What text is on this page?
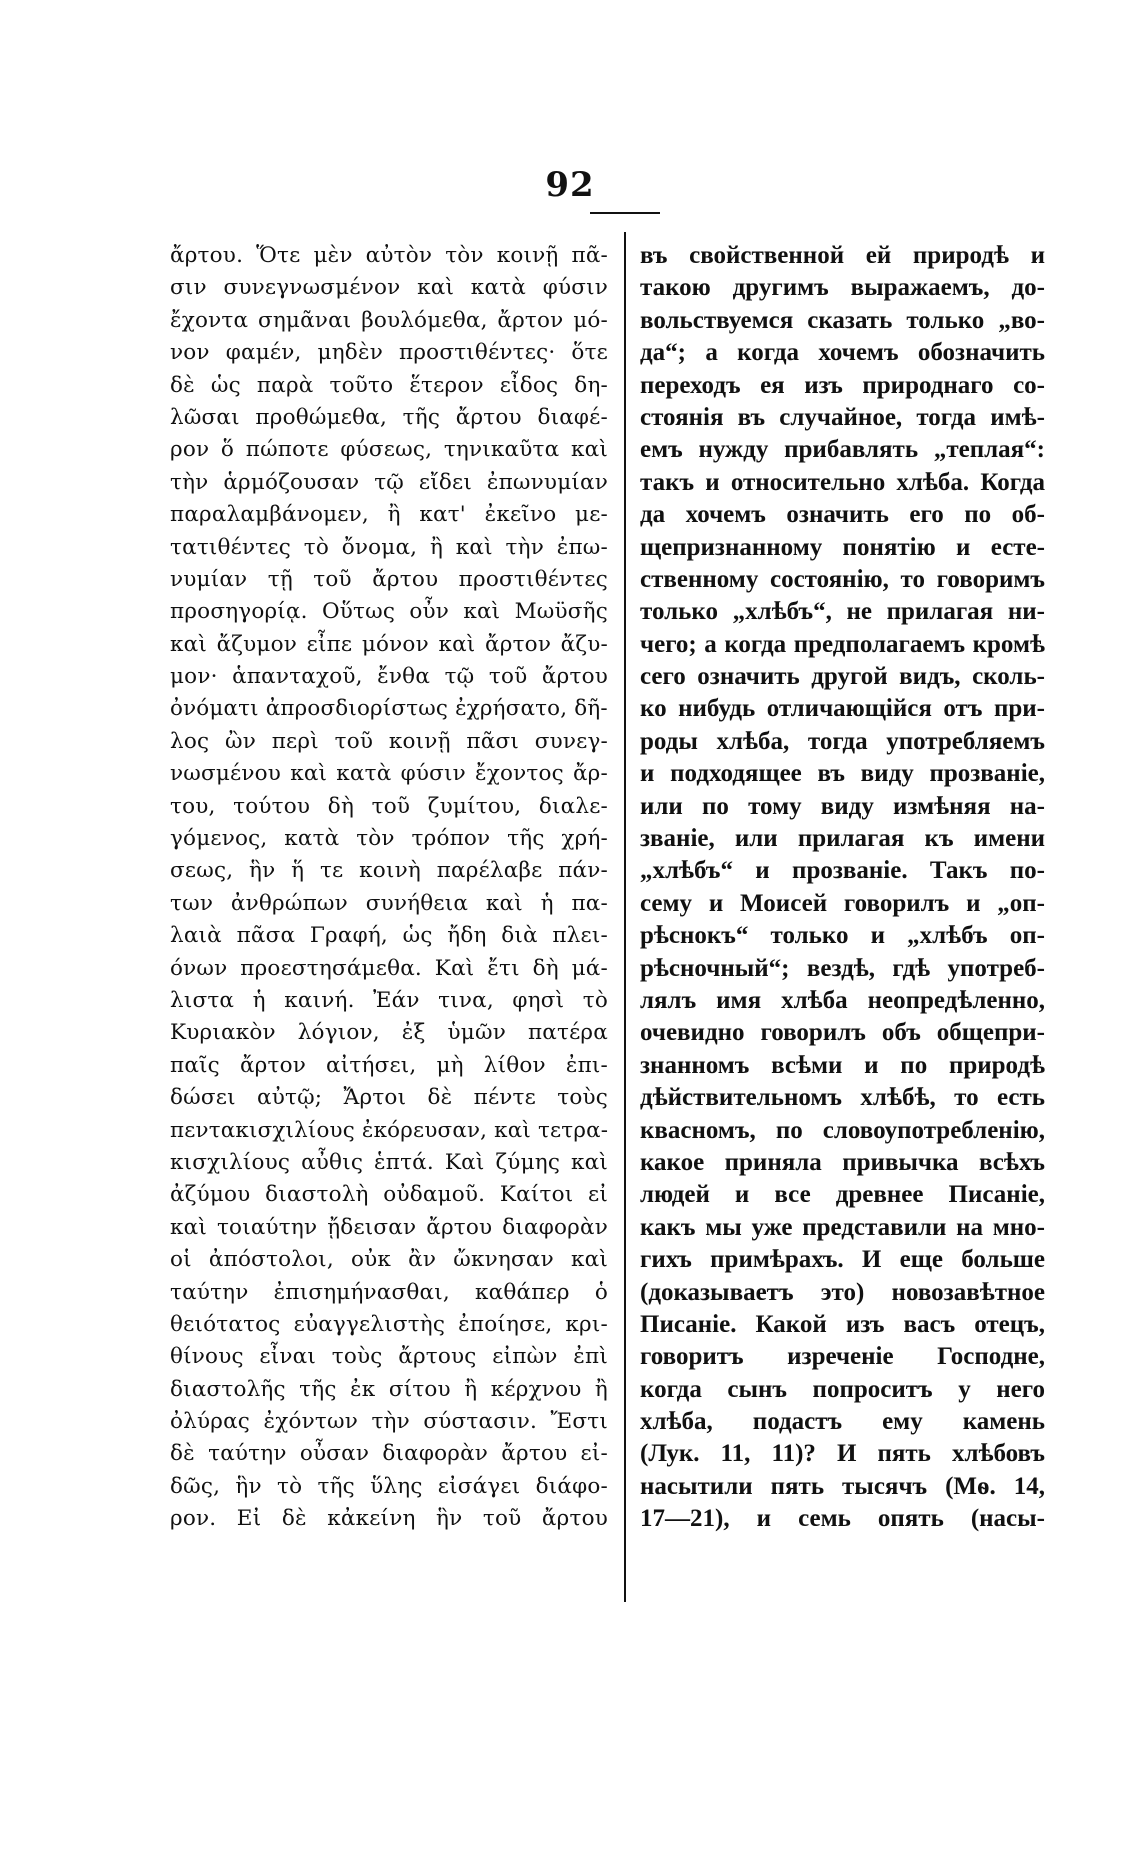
92
ἄρτου. Ὅτε μὲν αὐτὸν τὸν κοινῇ πᾶ-
σιν συνεγνωσμένον καὶ κατὰ φύσιν
ἔχοντα σημᾶναι βουλόμεθα, ἄρτον μό-
νον φαμέν, μηδὲν προστιθέντες· ὅτε
δὲ ὡς παρὰ τοῦτο ἕτερον εἶδος δη-
λῶσαι προθώμεθα, τῆς ἄρτου διαφέ-
ρον ὅ πώποτε φύσεως, τηνικαῦτα καὶ
τὴν ἁρμόζουσαν τῷ εἴδει ἐπωνυμίαν
παραλαμβάνομεν, ἢ κατ' ἐκεῖνο με-
τατιθέντες τὸ ὄνομα, ἢ καὶ τὴν ἐπω-
νυμίαν τῇ τοῦ ἄρτου προστιθέντες
προσηγορίᾳ. Οὕτως οὖν καὶ Μωϋσῆς
καὶ ἄζυμον εἶπε μόνον καὶ ἄρτον ἄζυ-
μον· ἁπανταχοῦ, ἔνθα τῷ τοῦ ἄρτου
ὀνόματι ἀπροσδιορίστως ἐχρήσατο, δῆ-
λος ὢν περὶ τοῦ κοινῇ πᾶσι συνεγ-
νωσμένου καὶ κατὰ φύσιν ἔχοντος ἄρ-
του, τούτου δὴ τοῦ ζυμίτου, διαλε-
γόμενος, κατὰ τὸν τρόπον τῆς χρή-
σεως, ἣν ἥ τε κοινὴ παρέλαβε πάν-
των ἀνθρώπων συνήθεια καὶ ἡ πα-
λαιὰ πᾶσα Γραφή, ὡς ἤδη διὰ πλει-
όνων προεστησάμεθα. Καὶ ἔτι δὴ μά-
λιστα ἡ καινή. Ἐάν τινα, φησὶ τὸ
Κυριακὸν λόγιον, ἐξ ὑμῶν πατέρα
παῖς ἄρτον αἰτήσει, μὴ λίθον ἐπι-
δώσει αὐτῷ; Ἄρτοι δὲ πέντε τοὺς
πεντακισχιλίους ἐκόρευσαν, καὶ τετρα-
κισχιλίους αὖθις ἑπτά. Καὶ ζύμης καὶ
ἀζύμου διαστολὴ οὐδαμοῦ. Καίτοι εἰ
καὶ τοιαύτην ᾔδεισαν ἄρτου διαφορὰν
οἱ ἀπόστολοι, οὐκ ἂν ὤκνησαν καὶ
ταύτην ἐπισημήνασθαι, καθάπερ ὁ
θειότατος εὐαγγελιστὴς ἐποίησε, κρι-
θίνους εἶναι τοὺς ἄρτους εἰπὼν ἐπὶ
διαστολῆς τῆς ἐκ σίτου ἢ κέρχνου ἢ
ὀλύρας ἐχόντων τὴν σύστασιν. Ἔστι
δὲ ταύτην οὖσαν διαφορὰν ἄρτου εἰ-
δῶς, ἣν τὸ τῆς ὕλης εἰσάγει διάφο-
ρον. Εἰ δὲ κἀκείνη ἣν τοῦ ἄρτου
въ свойственной ей природѣ и
такою другимъ выражаемъ, до-
вольствуемся сказать только „во-
да“; а когда хочемъ обозначить
переходъ ея изъ природнаго со-
стоянія въ случайное, тогда имѣ-
емъ нужду прибавлять „теплая“:
такъ и относительно хлѣба. Когда
да хочемъ означить его по об-
щепризнанному понятію и есте-
ственному состоянію, то говоримъ
только „хлѣбъ“, не прилагая ни-
чего; а когда предполагаемъ кромѣ
сего означить другой видъ, сколь-
ко нибудь отличающійся отъ при-
роды хлѣба, тогда употребляемъ
и подходящее въ виду прозваніе,
или по тому виду измѣняя на-
званіе, или прилагая къ имени
„хлѣбъ“ и прозваніе. Такъ по-
сему и Моисей говорилъ и „оп-
рѣснокъ“ только и „хлѣбъ оп-
рѣсночный“; вездѣ, гдѣ употреб-
лялъ имя хлѣба неопредѣленно,
очевидно говорилъ объ общепри-
знанномъ всѣми и по природѣ
дѣйствительномъ хлѣбѣ, то есть
квасномъ, по словоупотребленію,
какое приняла привычка всѣхъ
людей и все древнее Писаніе,
какъ мы уже представили на мно-
гихъ примѣрахъ. И еще больше
(доказываетъ это) новозавѣтное
Писаніе. Какой изъ васъ отецъ,
говоритъ изреченіе Господне,
когда сынъ попроситъ у него
хлѣба, подастъ ему камень
(Лук. 11, 11)? И пять хлѣбовъ
насытили пять тысячъ (Мѳ. 14,
17—21), и семь опять (насы-
